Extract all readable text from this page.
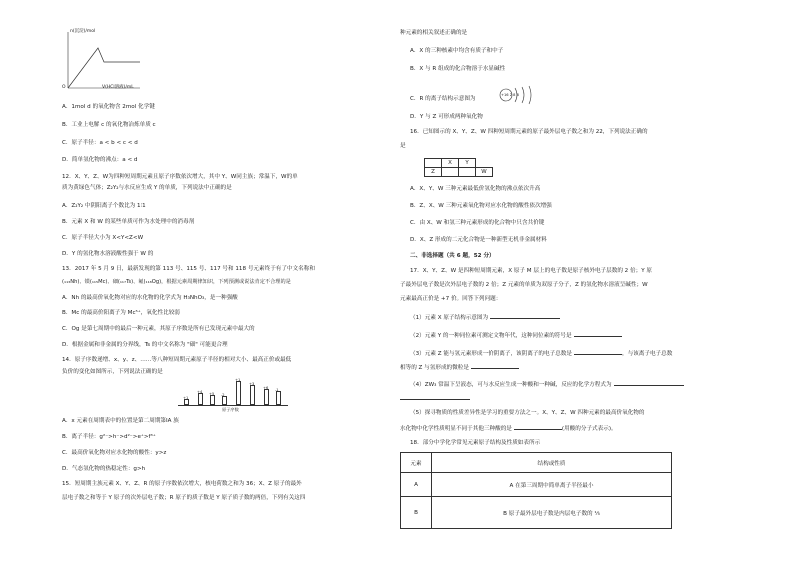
n(沉淀)/mol
V(HCl溶液)/mL
O
A．1mol d 的氧化物含 2mol 化学键
B．工业上电解 c 的氧化物冶炼单质 c
C．原子半径：a < b < c < d
D．简单氢化物的沸点：a < d
12．X、Y、Z、W为四种短周期元素且原子序数依次增大，其中 Y、W同主族；常温下，W的单
质为黄绿色气体；Z₂Y₂与水反应生成 Y 的单质，下列说法中正确的是
A．Z₂Y₂ 中阴阳离子个数比为 1∶1
B．元素 X 和 W 的某些单质可作为水处理中的消毒剂
C．原子半径大小为 X<Y<Z<W
D．Y 的氢化物水溶液酸性强于 W 的
13．2017 年 5 月 9 日，最新发现的第 113 号、115 号、117 号和 118 号元素终于有了中文名称和
(₁₁₃Nh)、镆(₁₁₅Mc)、鿬(₁₁₇Ts)、鿫(₁₁₈Og)，根据元素周期律知识，下列预测或说法肯定不合理的是
A．Nh 的最高价氧化物对应的水化物的化学式为 H₃NhO₃，是一种强酸
B．Mc 的最高价阳离子为 Mc⁵⁺，氧化性比较弱
C．Og 是第七周期中的最后一种元素，其原子序数是所有已发现元素中最大的
D．根据金属和非金属的分界线，Ts 的中文名称为 "鿬" 可能更合理
14．原子序数递增、x、y、z、……等八种短周期元素原子半径的相对大小、最高正价或最低
负价的变化如图所示，下列说法正确的是
+1
+4 +5 -2
+1
+3
+6 -1
原子序数
A．x 元素在周期表中的位置是第二周期第ⅠA 族
B．离子半径：g²⁻>h⁻>d²⁻>e⁺>f³⁺
C．最高价氧化物对应水化物的酸性：y>z
D．气态氢化物的热稳定性：g>h
15．短周期主族元素 X、Y、Z、R 的原子序数依次增大，核电荷数之和为 36；X、Z 原子的最外
层电子数之和等于 Y 原子的次外层电子数；R 原子的质子数是 Y 原子质子数的两倍，下列有关这四
种元素的相关叙述正确的是
A．X 的三种核素中均含有质子和中子
B．X 与 R 组成的化合物溶于水显碱性
C．R 的离子结构示意图为
+16 2 8 8
D．Y 与 Z 可形成两种氧化物
16．已知图示的 X、Y、Z、W 四种短周期元素的原子最外层电子数之和为 22，下列说法正确的
是
	X	Y	
Z			W
A．X、Y、W 三种元素最低价氢化物的沸点依次升高
B．Z、X、W 三种元素氧化物对应水化物的酸性依次增强
C．由 X、W 和氢三种元素形成的化合物中只含共价键
D．X、Z 形成的二元化合物是一种新型无机非金属材料
二、非选择题（共 6 题，52 分）
17．X、Y、Z、W 是四种短周期元素，X 原子 M 层上的电子数是原子核外电子层数的 2 倍；Y 原
子最外层电子数是次外层电子数的 2 倍；Z 元素的单质为双原子分子，Z 的氢化物水溶液呈碱性；W
元素最高正价是 +7 价。回答下列问题：
（1）元素 X 原子结构示意图为
（2）元素 Y 的一种同位素可测定文物年代，这种同位素的符号是
（3）元素 Z 能与氢元素形成一价阴离子，该阴离子的电子总数是	，与该离子电子总数
相等的 Z 与氢形成的微粒是
（4）ZW₃ 常温下呈液态，可与水反应生成一种酸和一种碱，反应的化学方程式为
（5）探寻物质的性质差异性是学习的重要方法之一。X、Y、Z、W 四种元素的最高价氧化物的
水化物中化学性质明显不同于其他三种酸的是	(用酸的分子式表示)。
18．部分中学化学常见元素原子结构及性质如表所示
元素	结构或性质
A	A 在第三周期中简单离子半径最小
B	B 原子最外层电子数是内层电子数的 ¹⁄₅
